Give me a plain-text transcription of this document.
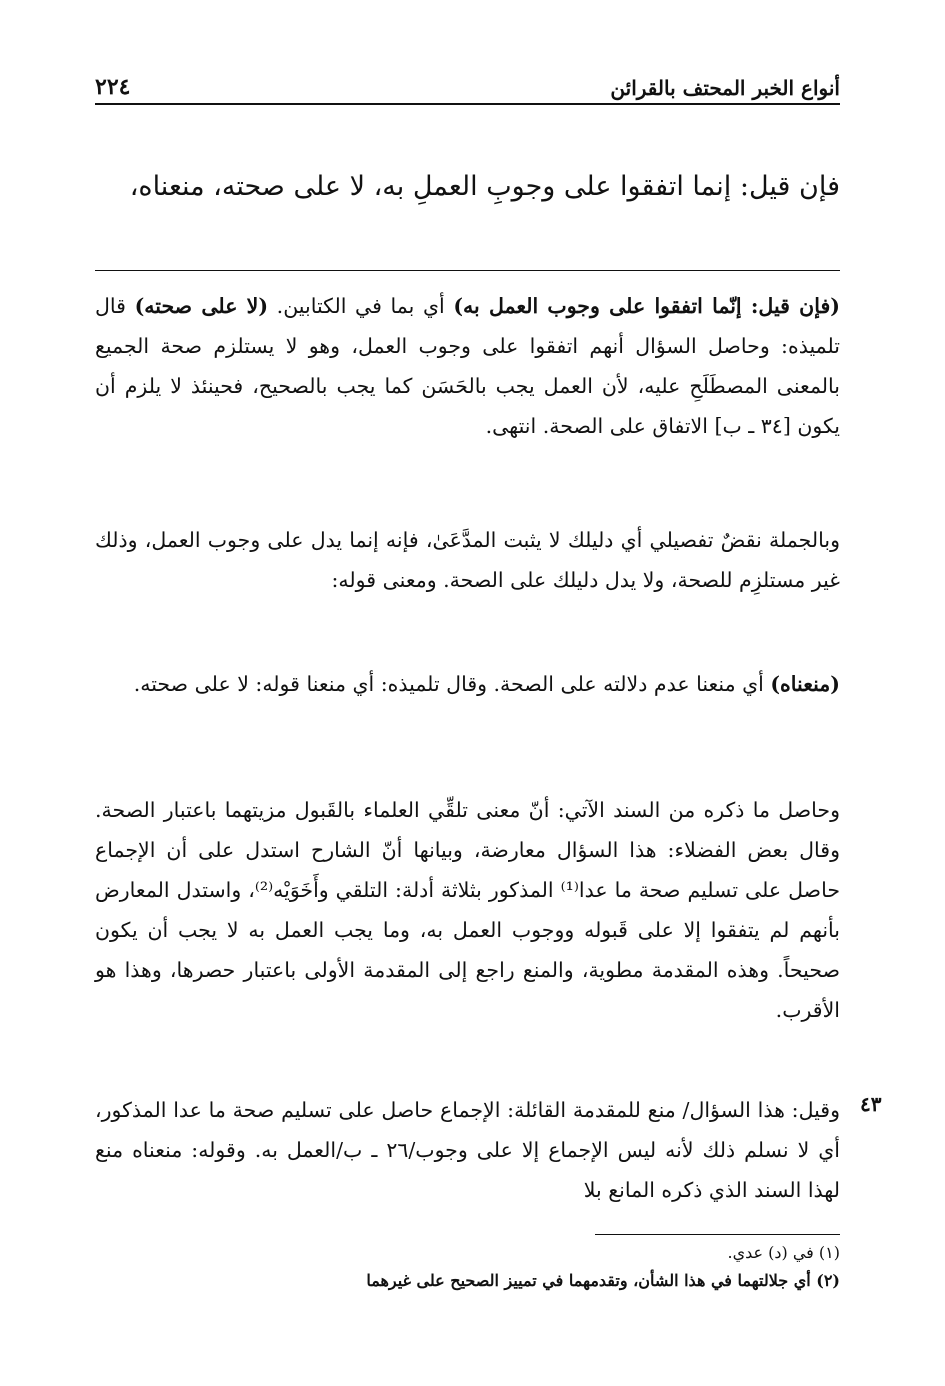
٢٢٤	أنواع الخبر المحتف بالقرائن
فإن قيل: إنما اتفقوا على وجوبِ العملِ به، لا على صحته، منعناه،
(فإن قيل: إنّما اتفقوا على وجوب العمل به) أي بما في الكتابين. (لا على صحته) قال تلميذه: وحاصل السؤال أنهم اتفقوا على وجوب العمل، وهو لا يستلزم صحة الجميع بالمعنى المصطَلَحِ عليه، لأن العمل يجب بالحَسَن كما يجب بالصحيح، فحينئذ لا يلزم أن يكون [٣٤ ـ ب] الاتفاق على الصحة. انتهى.
وبالجملة نقضٌ تفصيلي أي دليلك لا يثبت المدَّعَىٰ، فإنه إنما يدل على وجوب العمل، وذلك غير مستلزِم للصحة، ولا يدل دليلك على الصحة. ومعنى قوله:
(منعناه) أي منعنا عدم دلالته على الصحة. وقال تلميذه: أي منعنا قوله: لا على صحته.
وحاصل ما ذكره من السند الآتي: أنّ معنى تلقِّي العلماء بالقَبول مزيتهما باعتبار الصحة. وقال بعض الفضلاء: هذا السؤال معارضة، وبيانها أنّ الشارح استدل على أن الإجماع حاصل على تسليم صحة ما عدا⁽¹⁾ المذكور بثلاثة أدلة: التلقي وأَخَوَيْه⁽²⁾، واستدل المعارض بأنهم لم يتفقوا إلا على قَبوله ووجوب العمل به، وما يجب العمل به لا يجب أن يكون صحيحاً. وهذه المقدمة مطوية، والمنع راجع إلى المقدمة الأولى باعتبار حصرها، وهذا هو الأقرب.
٤٣
وقيل: هذا السؤال/ منع للمقدمة القائلة: الإجماع حاصل على تسليم صحة ما عدا المذكور، أي لا نسلم ذلك لأنه ليس الإجماع إلا على وجوب/٢٦ ـ ب/العمل به. وقوله: منعناه منع لهذا السند الذي ذكره المانع بلا
(١) في (د) عدي.
(٢) أي جلالتهما في هذا الشأن، وتقدمهما في تمييز الصحيح على غيرهما
